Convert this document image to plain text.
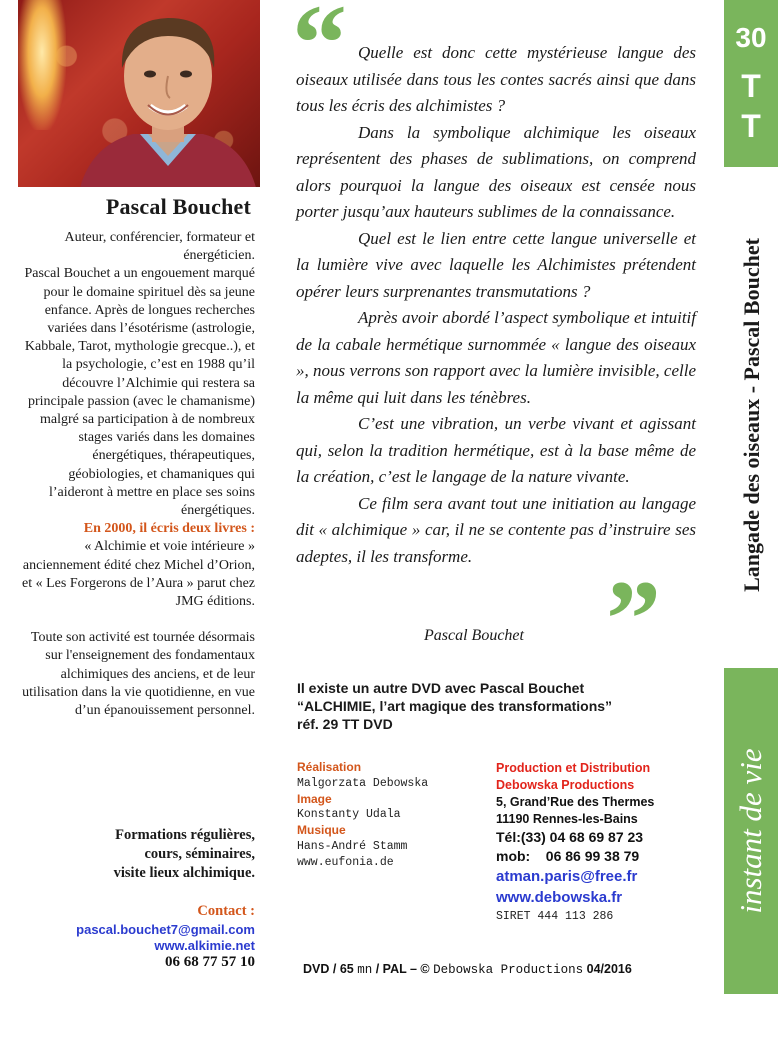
Pascal Bouchet

Auteur, conférencier, formateur et énergéticien.

Pascal Bouchet a un engouement marqué pour le domaine spirituel dès sa jeune enfance. Après de longues recherches variées dans l’ésotérisme (astrologie, Kabbale, Tarot, mythologie grecque..), et la psychologie, c’est en 1988 qu’il découvre l’Alchimie qui restera sa principale passion (avec le chamanisme) malgré sa participation à de nombreux stages variés dans les domaines énergétiques, thérapeutiques, géobiologies, et chamaniques qui l’aideront à mettre en place ses soins énergétiques.

En 2000, il écris deux livres :

« Alchimie et voie intérieure » anciennement édité chez Michel d’Orion, et « Les Forgerons de l’Aura » parut chez JMG éditions.

Toute son activité est tournée désormais sur l'enseignement des fondamentaux alchimiques des anciens, et de leur utilisation dans la vie quotidienne, en vue d’un épanouissement personnel.

Formations régulières,
cours, séminaires,
visite lieux alchimique.
Contact :
pascal.bouchet7@gmail.com
www.alkimie.net
06 68 77 57 10
“ Quelle est donc cette mystérieuse langue des oiseaux utilisée dans tous les contes sacrés ainsi que dans tous les écris des alchimistes ?

Dans la symbolique alchimique les oiseaux représentent des phases de sublimations, on comprend alors pourquoi la langue des oiseaux est censée nous porter jusqu’aux hauteurs sublimes de la connaissance.

Quel est le lien entre cette langue universelle et la lumière vive avec laquelle les Alchimistes prétendent opérer leurs surprenantes transmutations ?

Après avoir abordé l’aspect symbolique et intuitif de la cabale hermétique surnommée « langue des oiseaux », nous verrons son rapport avec la lumière invisible, celle la même qui luit dans les ténèbres.

C’est une vibration, un verbe vivant et agissant qui, selon la tradition hermétique, est à la base même de la création, c’est le langage de la nature vivante.

Ce film sera avant tout une initiation au langage dit « alchimique » car, il ne se contente pas d’instruire ses adeptes, il les transforme.

”
Pascal Bouchet
Il existe un autre DVD avec Pascal Bouchet
“ALCHIMIE, l’art magique des transformations”
réf. 29 TT DVD
Réalisation
Malgorzata Debowska
Image
Konstanty Udala
Musique
Hans-André Stamm
www.eufonia.de
Production et Distribution
Debowska Productions
5, Grand’Rue des Thermes
11190 Rennes-les-Bains
Tél:(33) 04 68 69 87 23
mob: 06 86 99 38 79
atman.paris@free.fr
www.debowska.fr
SIRET 444 113 286
DVD / 65 mn / PAL – © Debowska Productions 04/2016
30
T
T
Langade des oiseaux - Pascal Bouchet
instant de vie
